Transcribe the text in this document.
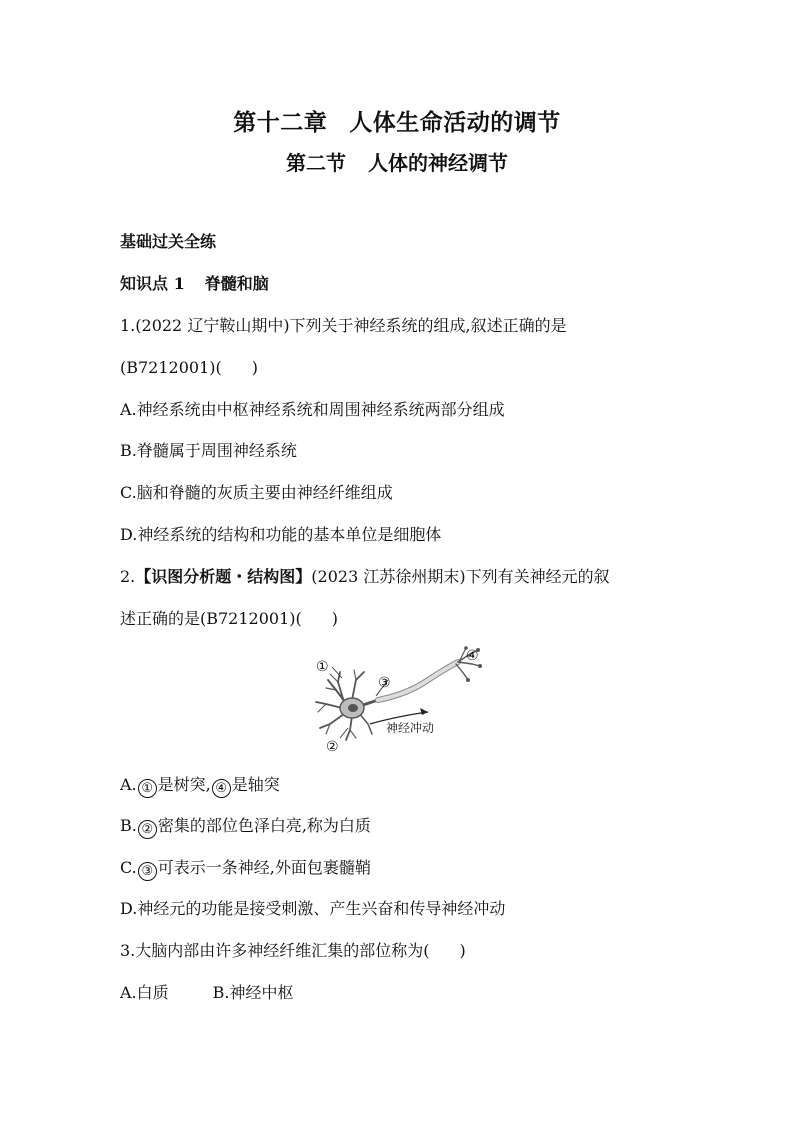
第十二章 人体生命活动的调节
第二节 人体的神经调节
基础过关全练
知识点 1 脊髓和脑
1.(2022 辽宁鞍山期中)下列关于神经系统的组成,叙述正确的是
(B7212001)( )
A.神经系统由中枢神经系统和周围神经系统两部分组成
B.脊髓属于周围神经系统
C.脑和脊髓的灰质主要由神经纤维组成
D.神经系统的结构和功能的基本单位是细胞体
2.【识图分析题・结构图】(2023 江苏徐州期末)下列有关神经元的叙
述正确的是(B7212001)( )
①
②
③
④
神经冲动
A. ① 是树突, ④ 是轴突
B. ② 密集的部位色泽白亮,称为白质
C. ③ 可表示一条神经,外面包裹髓鞘
D.神经元的功能是接受刺激、产生兴奋和传导神经冲动
3.大脑内部由许多神经纤维汇集的部位称为( )
A.白质	B.神经中枢
